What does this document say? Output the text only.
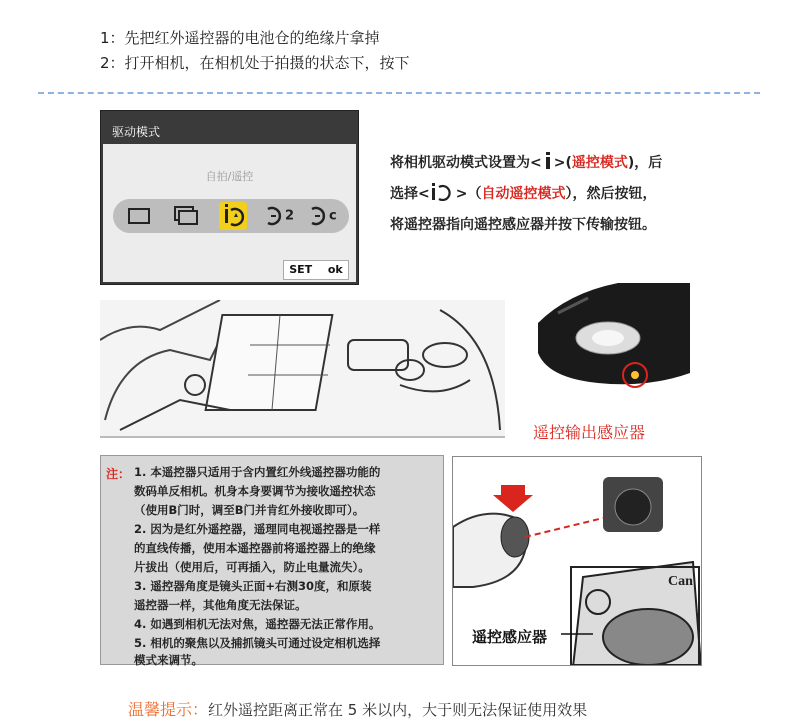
1：先把红外遥控器的电池仓的绝缘片拿掉
2：打开相机，在相机处于拍摄的状态下，按下
驱动模式
自拍/遥控
2	c
SET ok
将相机驱动模式设置为< >(遥控模式)，后
选择< >（自动遥控模式），然后按钮，
将遥控器指向遥控感应器并按下传输按钮。
遥控输出感应器
注： 1. 本遥控器只适用于含内置红外线遥控器功能的
数码单反相机。机身本身要调节为接收遥控状态
（使用B门时，调至B门并肯红外接收即可）。
2. 因为是红外遥控器，遥理同电视遥控器是一样
的直线传播，使用本遥控器前将遥控器上的绝缘
片拔出（使用后，可再插入，防止电量流失）。
3. 遥控器角度是镜头正面+右测30度，和原装
遥控器一样，其他角度无法保证。
4. 如遇到相机无法对焦，遥控器无法正常作用。
5. 相机的聚焦以及捕抓镜头可通过设定相机选择
模式来调节。
Can
遥控感应器
温馨提示：红外遥控距离正常在 5 米以内，大于则无法保证使用效果
